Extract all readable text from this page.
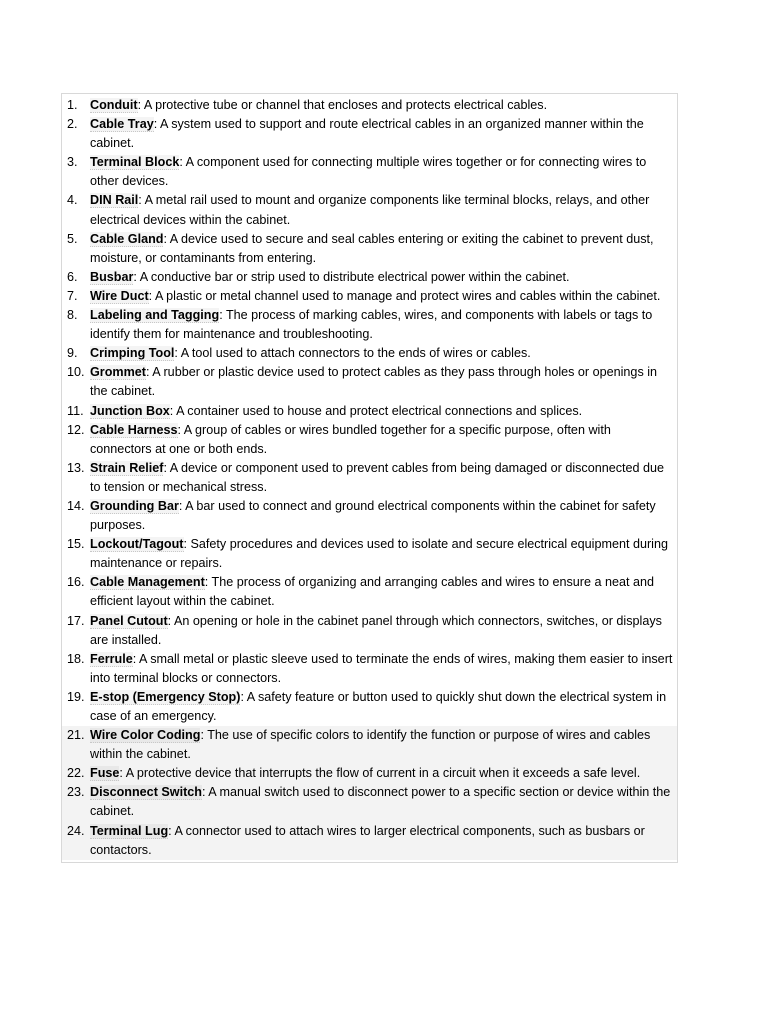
1. Conduit: A protective tube or channel that encloses and protects electrical cables.
2. Cable Tray: A system used to support and route electrical cables in an organized manner within the cabinet.
3. Terminal Block: A component used for connecting multiple wires together or for connecting wires to other devices.
4. DIN Rail: A metal rail used to mount and organize components like terminal blocks, relays, and other electrical devices within the cabinet.
5. Cable Gland: A device used to secure and seal cables entering or exiting the cabinet to prevent dust, moisture, or contaminants from entering.
6. Busbar: A conductive bar or strip used to distribute electrical power within the cabinet.
7. Wire Duct: A plastic or metal channel used to manage and protect wires and cables within the cabinet.
8. Labeling and Tagging: The process of marking cables, wires, and components with labels or tags to identify them for maintenance and troubleshooting.
9. Crimping Tool: A tool used to attach connectors to the ends of wires or cables.
10. Grommet: A rubber or plastic device used to protect cables as they pass through holes or openings in the cabinet.
11. Junction Box: A container used to house and protect electrical connections and splices.
12. Cable Harness: A group of cables or wires bundled together for a specific purpose, often with connectors at one or both ends.
13. Strain Relief: A device or component used to prevent cables from being damaged or disconnected due to tension or mechanical stress.
14. Grounding Bar: A bar used to connect and ground electrical components within the cabinet for safety purposes.
15. Lockout/Tagout: Safety procedures and devices used to isolate and secure electrical equipment during maintenance or repairs.
16. Cable Management: The process of organizing and arranging cables and wires to ensure a neat and efficient layout within the cabinet.
17. Panel Cutout: An opening or hole in the cabinet panel through which connectors, switches, or displays are installed.
18. Ferrule: A small metal or plastic sleeve used to terminate the ends of wires, making them easier to insert into terminal blocks or connectors.
19. E-stop (Emergency Stop): A safety feature or button used to quickly shut down the electrical system in case of an emergency.
21. Wire Color Coding: The use of specific colors to identify the function or purpose of wires and cables within the cabinet.
22. Fuse: A protective device that interrupts the flow of current in a circuit when it exceeds a safe level.
23. Disconnect Switch: A manual switch used to disconnect power to a specific section or device within the cabinet.
24. Terminal Lug: A connector used to attach wires to larger electrical components, such as busbars or contactors.
